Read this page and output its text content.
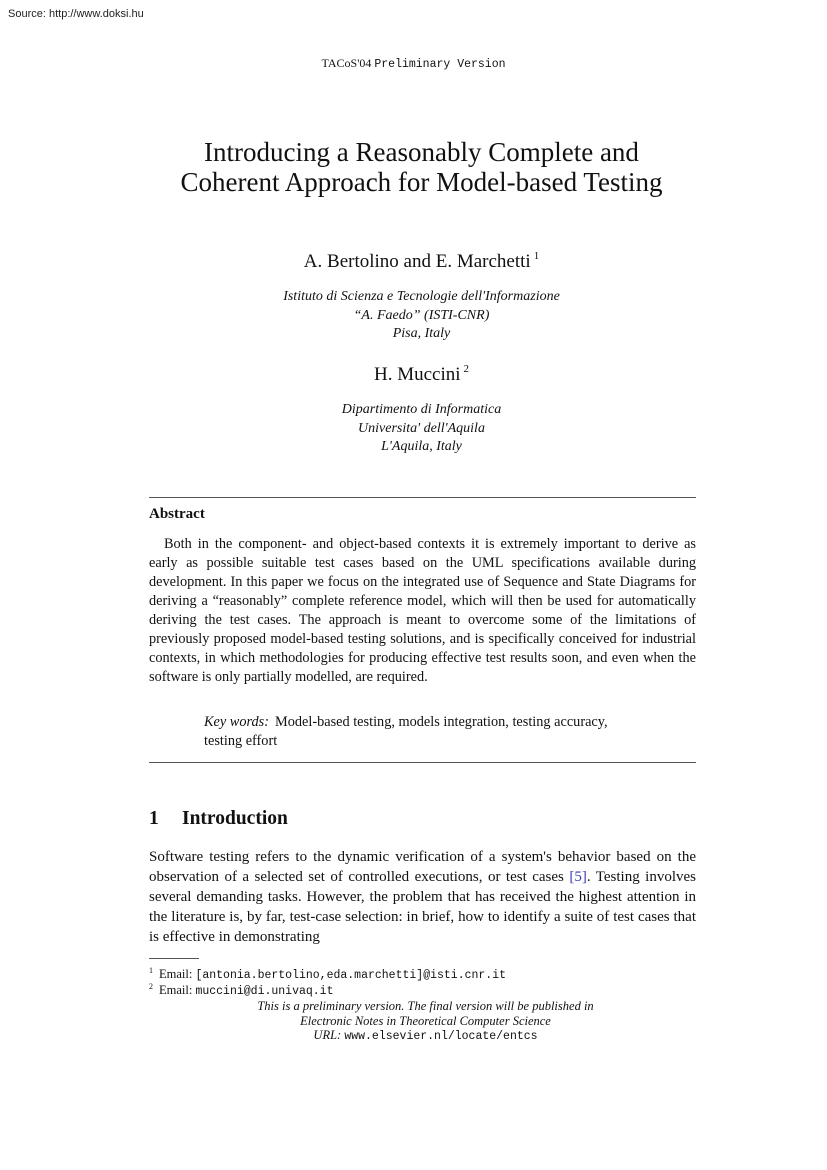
Source: http://www.doksi.hu
TACoS'04 Preliminary Version
Introducing a Reasonably Complete and
Coherent Approach for Model-based Testing
A. Bertolino and E. Marchetti $^1$
Istituto di Scienza e Tecnologie dell'Informazione
“A. Faedo” (ISTI-CNR)
Pisa, Italy
H. Muccini $^2$
Dipartimento di Informatica
Universita' dell'Aquila
L'Aquila, Italy
Abstract
Both in the component- and object-based contexts it is extremely important to derive as early as possible suitable test cases based on the UML specifications available during development. In this paper we focus on the integrated use of Sequence and State Diagrams for deriving a “reasonably” complete reference model, which will then be used for automatically deriving the test cases. The approach is meant to overcome some of the limitations of previously proposed model-based testing solutions, and is specifically conceived for industrial contexts, in which methodologies for producing effective test results soon, and even when the software is only partially modelled, are required.
Key words: Model-based testing, models integration, testing accuracy, testing effort
1 Introduction
Software testing refers to the dynamic verification of a system's behavior based on the observation of a selected set of controlled executions, or test cases [5]. Testing involves several demanding tasks. However, the problem that has received the highest attention in the literature is, by far, test-case selection: in brief, how to identify a suite of test cases that is effective in demonstrating
$^1$ Email: [antonia.bertolino,eda.marchetti]@isti.cnr.it
$^2$ Email: muccini@di.univaq.it
This is a preliminary version. The final version will be published in
Electronic Notes in Theoretical Computer Science
URL: www.elsevier.nl/locate/entcs
